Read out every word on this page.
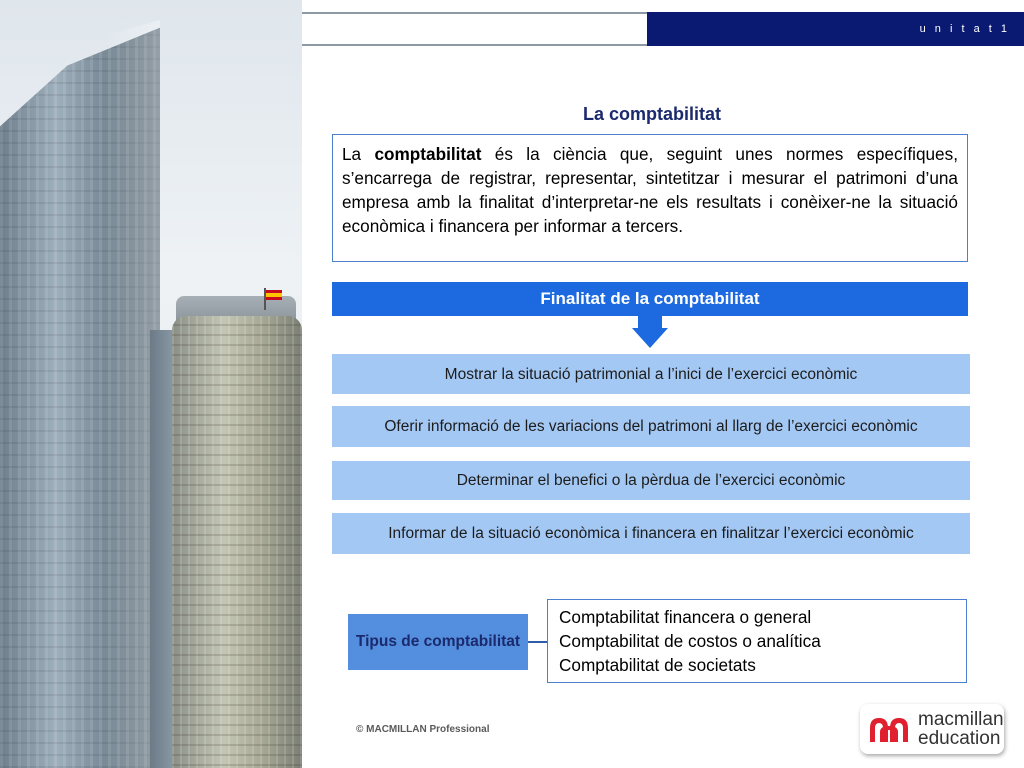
u n i t a t 1
La comptabilitat
La comptabilitat és la ciència que, seguint unes normes específiques, s’encarrega de registrar, representar, sintetitzar i mesurar el patrimoni d’una empresa amb la finalitat d’interpretar-ne els resultats i conèixer-ne la situació econòmica i financera per informar a tercers.
Finalitat de la comptabilitat
Mostrar la situació patrimonial a l’inici de l’exercici econòmic
Oferir informació de les variacions del patrimoni al llarg de l’exercici econòmic
Determinar el benefici o la pèrdua de l’exercici econòmic
Informar de la situació econòmica i financera en finalitzar l’exercici econòmic
Tipus de comptabilitat
Comptabilitat financera o general
Comptabilitat de costos o analítica
Comptabilitat de societats
© MACMILLAN Professional	macmillan
education
